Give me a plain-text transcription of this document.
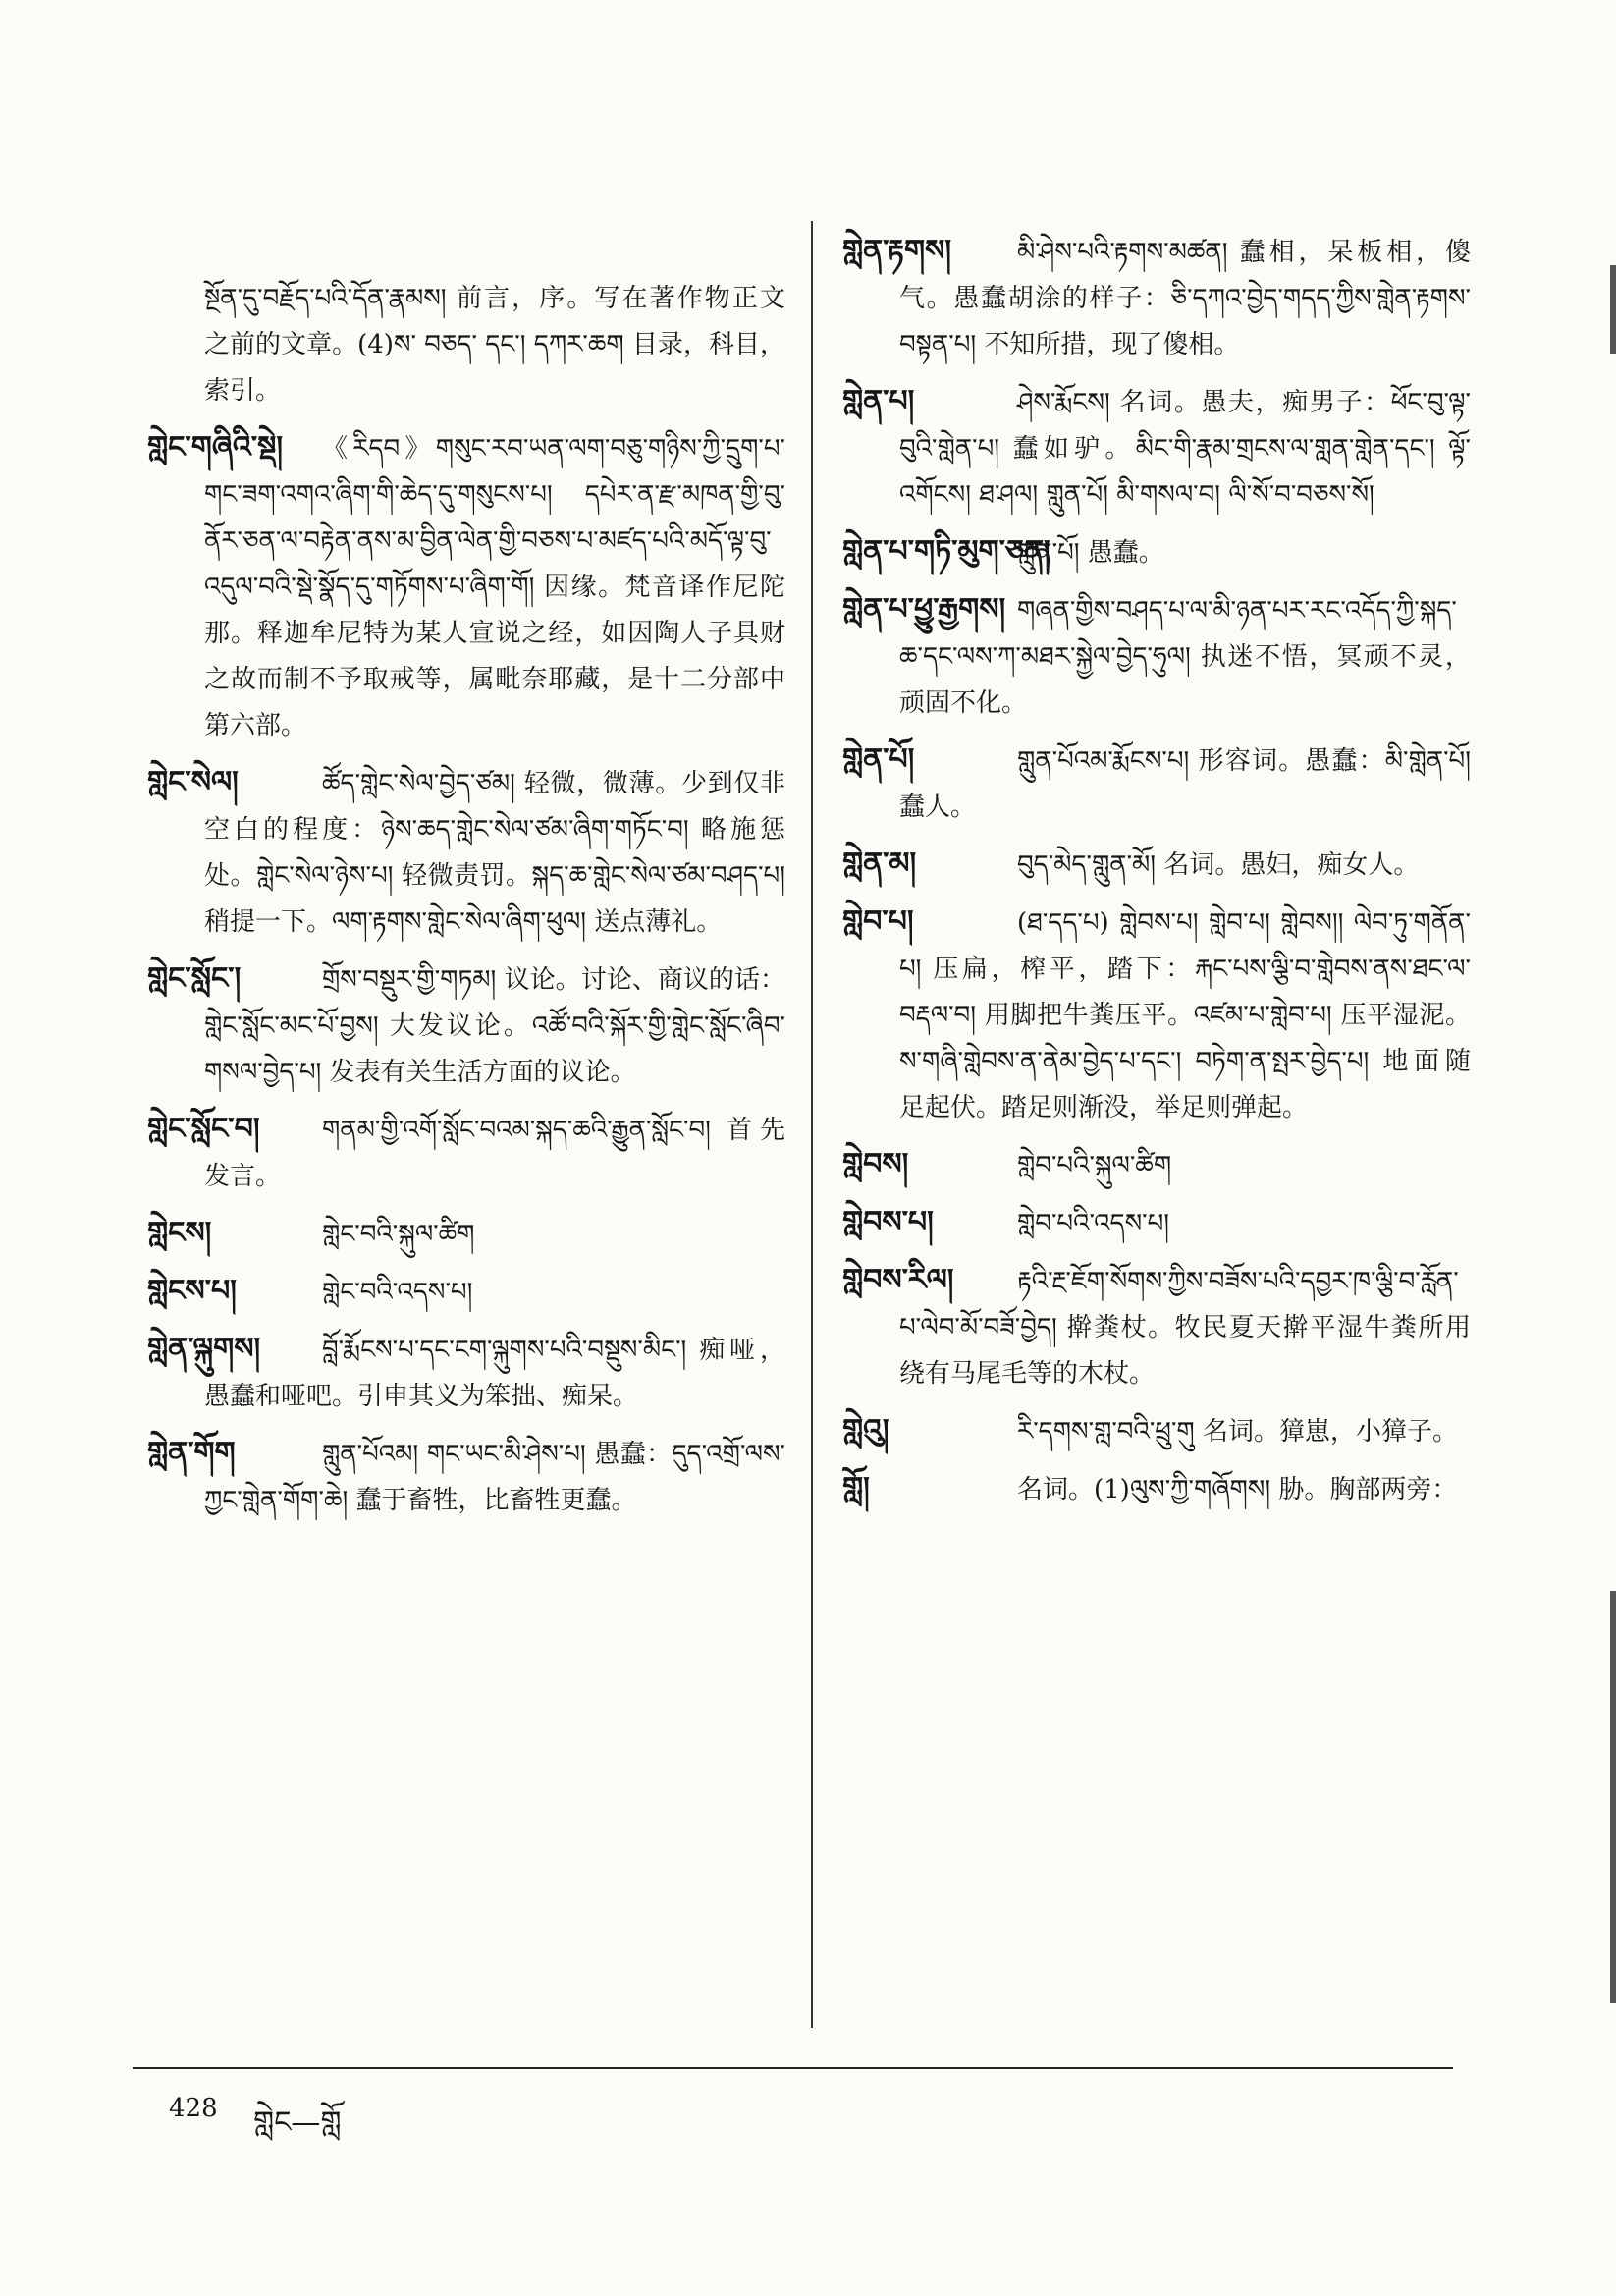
སྔོན་དུ་བརྗོད་པའི་དོན་རྣམས། 前言，序。写在著作物正文之前的文章。(4)ས་ བཅད་ དང་། དཀར་ཆག 目录，科目，索引。
གླེང་གཞིའི་སྡེ།	《རིདབ》གསུང་རབ་ཡན་ལག་བཅུ་གཉིས་ཀྱི་དྲུག་པ་གང་ཟག་འགའ་ཞིག་གི་ཆེད་དུ་གསུངས་པ། དཔེར་ན་རྫ་མཁན་གྱི་བུ་ནོར་ཅན་ལ་བརྟེན་ནས་མ་བྱིན་ལེན་གྱི་བཅས་པ་མཛད་པའི་མདོ་ལྟ་བུ་འདུལ་བའི་སྡེ་སྣོད་དུ་གཏོགས་པ་ཞིག་གོ། 因缘。梵音译作尼陀那。释迦牟尼特为某人宣说之经，如因陶人子具财之故而制不予取戒等，属毗奈耶藏，是十二分部中第六部。
གླེང་སེལ།	ཚོད་གླེང་སེལ་བྱེད་ཙམ། 轻微，微薄。少到仅非空白的程度：ཉེས་ཆད་གླེང་སེལ་ཙམ་ཞིག་གཏོང་བ། 略施惩处。གླེང་སེལ་ཉེས་པ། 轻微责罚。སྐད་ཆ་གླེང་སེལ་ཙམ་བཤད་པ། 稍提一下。ལག་རྟགས་གླེང་སེལ་ཞིག་ཕུལ། 送点薄礼。
གླེང་སློང་།	གྲོས་བསྡུར་གྱི་གཏམ། 议论。讨论、商议的话：གླེང་སློང་མང་པོ་བྱས། 大发议论。འཚོ་བའི་སྐོར་གྱི་གླེང་སློང་ཞིབ་གསལ་བྱེད་པ། 发表有关生活方面的议论。
གླེང་སློང་བ།	གནམ་གྱི་འགོ་སློང་བའམ་སྐད་ཆའི་རྒྱུན་སློང་བ། 首先发言。
གླེངས།	གླེང་བའི་སྐུལ་ཚིག
གླེངས་པ།	གླེང་བའི་འདས་པ།
གླེན་ལྐུགས།	བློ་རྨོངས་པ་དང་ངག་ལྐུགས་པའི་བསྡུས་མིང་། 痴哑，愚蠢和哑吧。引申其义为笨拙、痴呆。
གླེན་གོག	གླུན་པོའམ། གང་ཡང་མི་ཤེས་པ། 愚蠢：དུད་འགྲོ་ལས་ཀྱང་གླེན་གོག་ཆེ། 蠢于畜牲，比畜牲更蠢。
གླེན་རྟགས།	མི་ཤེས་པའི་རྟགས་མཚན། 蠢相，呆板相，傻气。愚蠢胡涂的样子：ཅི་དཀའ་བྱེད་གདད་ཀྱིས་གླེན་རྟགས་བསྟན་པ། 不知所措，现了傻相。
གླེན་པ།	ཤེས་རྨོངས། 名词。愚夫，痴男子：ཕོང་བུ་ལྟ་བུའི་གླེན་པ། 蠢如驴。མིང་གི་རྣམ་གྲངས་ལ་གླན་གླེན་དང་། ལྟོ་འགོངས། ཐ་ཤལ། གླུན་པོ། མི་གསལ་བ། ལི་སོ་བ་བཅས་སོ།
གླེན་པ་གཏི་མུག་ཅན།
གླུན་པོ། 愚蠢。
གླེན་པ་ཕྱུ་རྒྱགས། གཞན་གྱིས་བཤད་པ་ལ་མི་ཉན་པར་རང་འདོད་ཀྱི་སྐད་ཆ་དང་ལས་ཀ་མཐར་སྐྱེལ་བྱེད་ཧུལ། 执迷不悟，冥顽不灵，顽固不化。
གླེན་པོ།	གླུན་པོའམ་རྨོངས་པ། 形容词。愚蠢：མི་གླེན་པོ། 蠢人。
གླེན་མ།	བུད་མེད་གླུན་མོ། 名词。愚妇，痴女人。
གླེབ་པ།	(ཐ་དད་པ) གླེབས་པ། གླེབ་པ། གླེབས།། ལེབ་ཏུ་གནོན་པ། 压扁，榨平，踏下：རྐང་པས་ལྕི་བ་གླེབས་ནས་ཐང་ལ་བརྡལ་བ། 用脚把牛粪压平。འཛམ་པ་གླེབ་པ། 压平湿泥。ས་གཞི་གླེབས་ན་ནེམ་བྱེད་པ་དང་། བཏེག་ན་སྤར་བྱེད་པ། 地面随足起伏。踏足则渐没，举足则弹起。
གླེབས།	གླེབ་པའི་སྐུལ་ཚིག
གླེབས་པ།	གླེབ་པའི་འདས་པ།
གླེབས་རིལ།	རྟའི་རྔ་ཇོག་སོགས་ཀྱིས་བཟོས་པའི་དབྱར་ཁ་ལྕི་བ་རློན་པ་ལེབ་མོ་བཟོ་བྱེད། 擀粪杖。牧民夏天擀平湿牛粪所用绕有马尾毛等的木杖。
གླེའུ།	རི་དགས་གླ་བའི་ཕྲུ་གུ 名词。獐崽，小獐子。
གློ།	名词。(1)ལུས་ཀྱི་གཞོགས། 胁。胸部两旁：
428 གླེང—གློ
